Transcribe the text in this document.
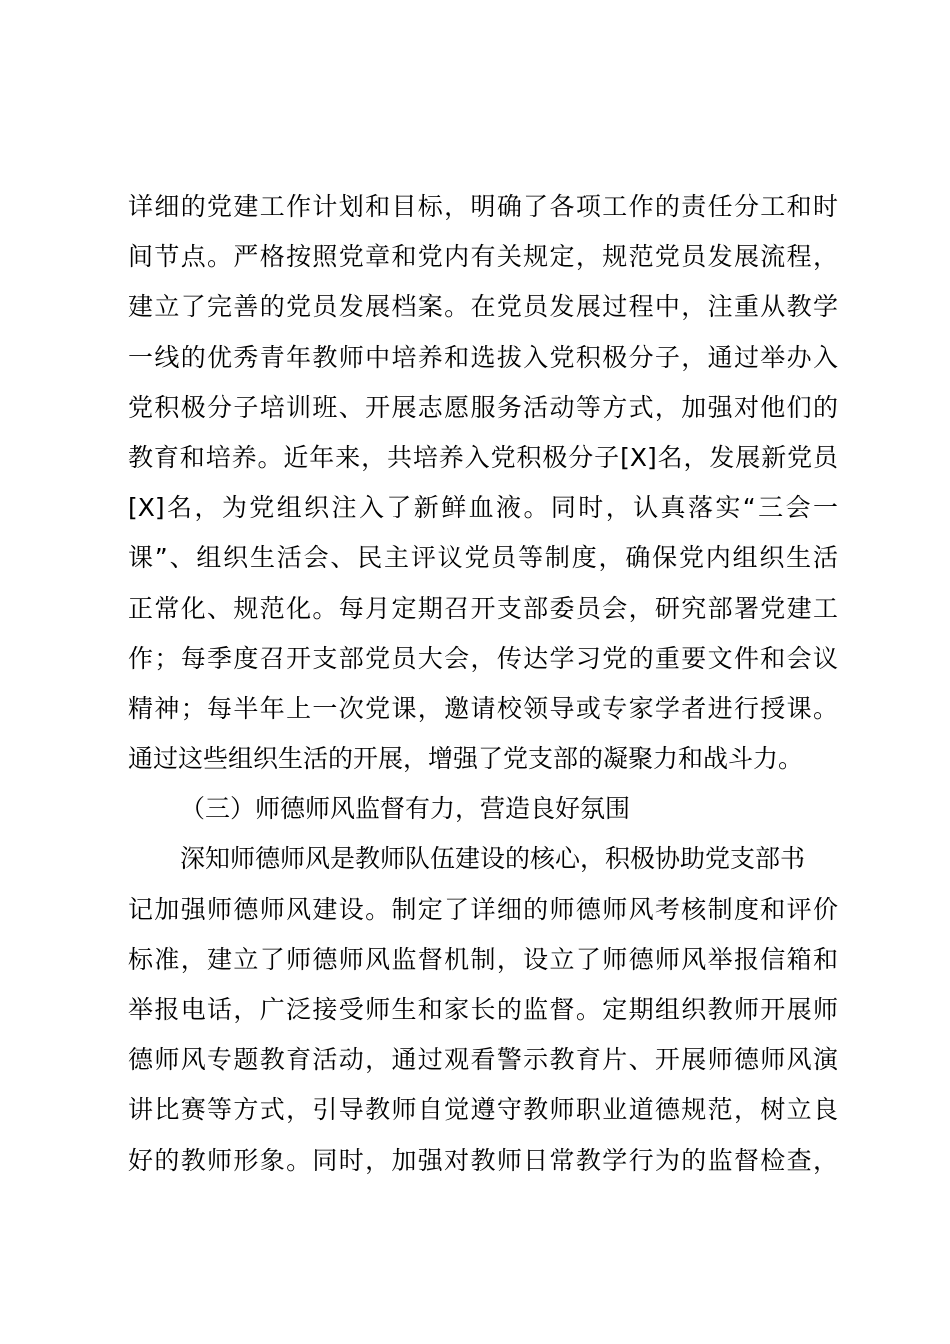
详细的党建工作计划和目标，明确了各项工作的责任分工和时
间节点。严格按照党章和党内有关规定，规范党员发展流程，
建立了完善的党员发展档案。在党员发展过程中，注重从教学
一线的优秀青年教师中培养和选拔入党积极分子，通过举办入
党积极分子培训班、开展志愿服务活动等方式，加强对他们的
教育和培养。近年来，共培养入党积极分子[X]名，发展新党员
[X]名，为党组织注入了新鲜血液。同时，认真落实“三会一
课”、组织生活会、民主评议党员等制度，确保党内组织生活
正常化、规范化。每月定期召开支部委员会，研究部署党建工
作；每季度召开支部党员大会，传达学习党的重要文件和会议
精神；每半年上一次党课，邀请校领导或专家学者进行授课。
通过这些组织生活的开展，增强了党支部的凝聚力和战斗力。
（三）师德师风监督有力，营造良好氛围
深知师德师风是教师队伍建设的核心，积极协助党支部书
记加强师德师风建设。制定了详细的师德师风考核制度和评价
标准，建立了师德师风监督机制，设立了师德师风举报信箱和
举报电话，广泛接受师生和家长的监督。定期组织教师开展师
德师风专题教育活动，通过观看警示教育片、开展师德师风演
讲比赛等方式，引导教师自觉遵守教师职业道德规范，树立良
好的教师形象。同时，加强对教师日常教学行为的监督检查，
